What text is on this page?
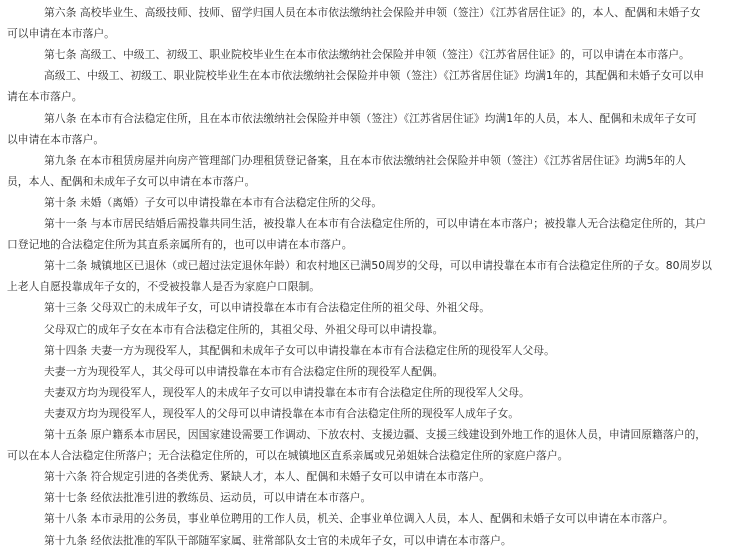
第六条 高校毕业生、高级技师、技师、留学归国人员在本市依法缴纳社会保险并申领（签注）《江苏省居住证》的，本人、配偶和未婚子女
可以申请在本市落户。
第七条 高级工、中级工、初级工、职业院校毕业生在本市依法缴纳社会保险并申领（签注）《江苏省居住证》的，可以申请在本市落户。
高级工、中级工、初级工、职业院校毕业生在本市依法缴纳社会保险并申领（签注）《江苏省居住证》均满1年的，其配偶和未婚子女可以申
请在本市落户。
第八条 在本市有合法稳定住所，且在本市依法缴纳社会保险并申领（签注）《江苏省居住证》均满1年的人员，本人、配偶和未成年子女可
以申请在本市落户。
第九条 在本市租赁房屋并向房产管理部门办理租赁登记备案，且在本市依法缴纳社会保险并申领（签注）《江苏省居住证》均满5年的人
员，本人、配偶和未成年子女可以申请在本市落户。
第十条 未婚（离婚）子女可以申请投靠在本市有合法稳定住所的父母。
第十一条 与本市居民结婚后需投靠共同生活，被投靠人在本市有合法稳定住所的，可以申请在本市落户；被投靠人无合法稳定住所的，其户
口登记地的合法稳定住所为其直系亲属所有的，也可以申请在本市落户。
第十二条 城镇地区已退休（或已超过法定退休年龄）和农村地区已满50周岁的父母，可以申请投靠在本市有合法稳定住所的子女。80周岁以
上老人自愿投靠成年子女的，不受被投靠人是否为家庭户口限制。
第十三条 父母双亡的未成年子女，可以申请投靠在本市有合法稳定住所的祖父母、外祖父母。
父母双亡的成年子女在本市有合法稳定住所的，其祖父母、外祖父母可以申请投靠。
第十四条 夫妻一方为现役军人，其配偶和未成年子女可以申请投靠在本市有合法稳定住所的现役军人父母。
夫妻一方为现役军人，其父母可以申请投靠在本市有合法稳定住所的现役军人配偶。
夫妻双方均为现役军人，现役军人的未成年子女可以申请投靠在本市有合法稳定住所的现役军人父母。
夫妻双方均为现役军人，现役军人的父母可以申请投靠在本市有合法稳定住所的现役军人成年子女。
第十五条 原户籍系本市居民，因国家建设需要工作调动、下放农村、支援边疆、支援三线建设到外地工作的退休人员，申请回原籍落户的，
可以在本人合法稳定住所落户；无合法稳定住所的，可以在城镇地区直系亲属或兄弟姐妹合法稳定住所的家庭户落户。
第十六条 符合规定引进的各类优秀、紧缺人才，本人、配偶和未婚子女可以申请在本市落户。
第十七条 经依法批准引进的教练员、运动员，可以申请在本市落户。
第十八条 本市录用的公务员，事业单位聘用的工作人员，机关、企事业单位调入人员，本人、配偶和未婚子女可以申请在本市落户。
第十九条 经依法批准的军队干部随军家属、驻常部队女士官的未成年子女，可以申请在本市落户。
